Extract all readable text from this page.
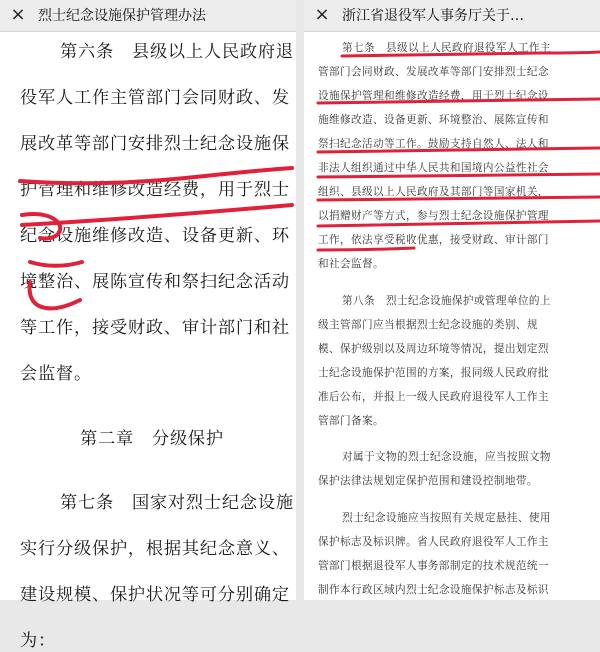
× 烈士纪念设施保护管理办法
第六条　县级以上人民政府退
役军人工作主管部门会同财政、发
展改革等部门安排烈士纪念设施保
护管理和维修改造经费，用于烈士
纪念设施维修改造、设备更新、环
境整治、展陈宣传和祭扫纪念活动
等工作，接受财政、审计部门和社
会监督。
第二章　分级保护
第七条　国家对烈士纪念设施
实行分级保护，根据其纪念意义、
建设规模、保护状况等可分别确定
为：
× 浙江省退役军人事务厅关于…
第七条　县级以上人民政府退役军人工作主
管部门会同财政、发展改革等部门安排烈士纪念
设施保护管理和维修改造经费，用于烈士纪念设
施维修改造、设备更新、环境整治、展陈宣传和
祭扫纪念活动等工作。鼓励支持自然人、法人和
非法人组织通过中华人民共和国境内公益性社会
组织、县级以上人民政府及其部门等国家机关，
以捐赠财产等方式，参与烈士纪念设施保护管理
工作，依法享受税收优惠，接受财政、审计部门
和社会监督。
第八条　烈士纪念设施保护或管理单位的上
级主管部门应当根据烈士纪念设施的类别、规
模、保护级别以及周边环境等情况，提出划定烈
士纪念设施保护范围的方案，报同级人民政府批
准后公布，并报上一级人民政府退役军人工作主
管部门备案。
对属于文物的烈士纪念设施，应当按照文物
保护法律法规划定保护范围和建设控制地带。
烈士纪念设施应当按照有关规定悬挂、使用
保护标志及标识牌。省人民政府退役军人工作主
管部门根据退役军人事务部制定的技术规范统一
制作本行政区域内烈士纪念设施保护标志及标识
